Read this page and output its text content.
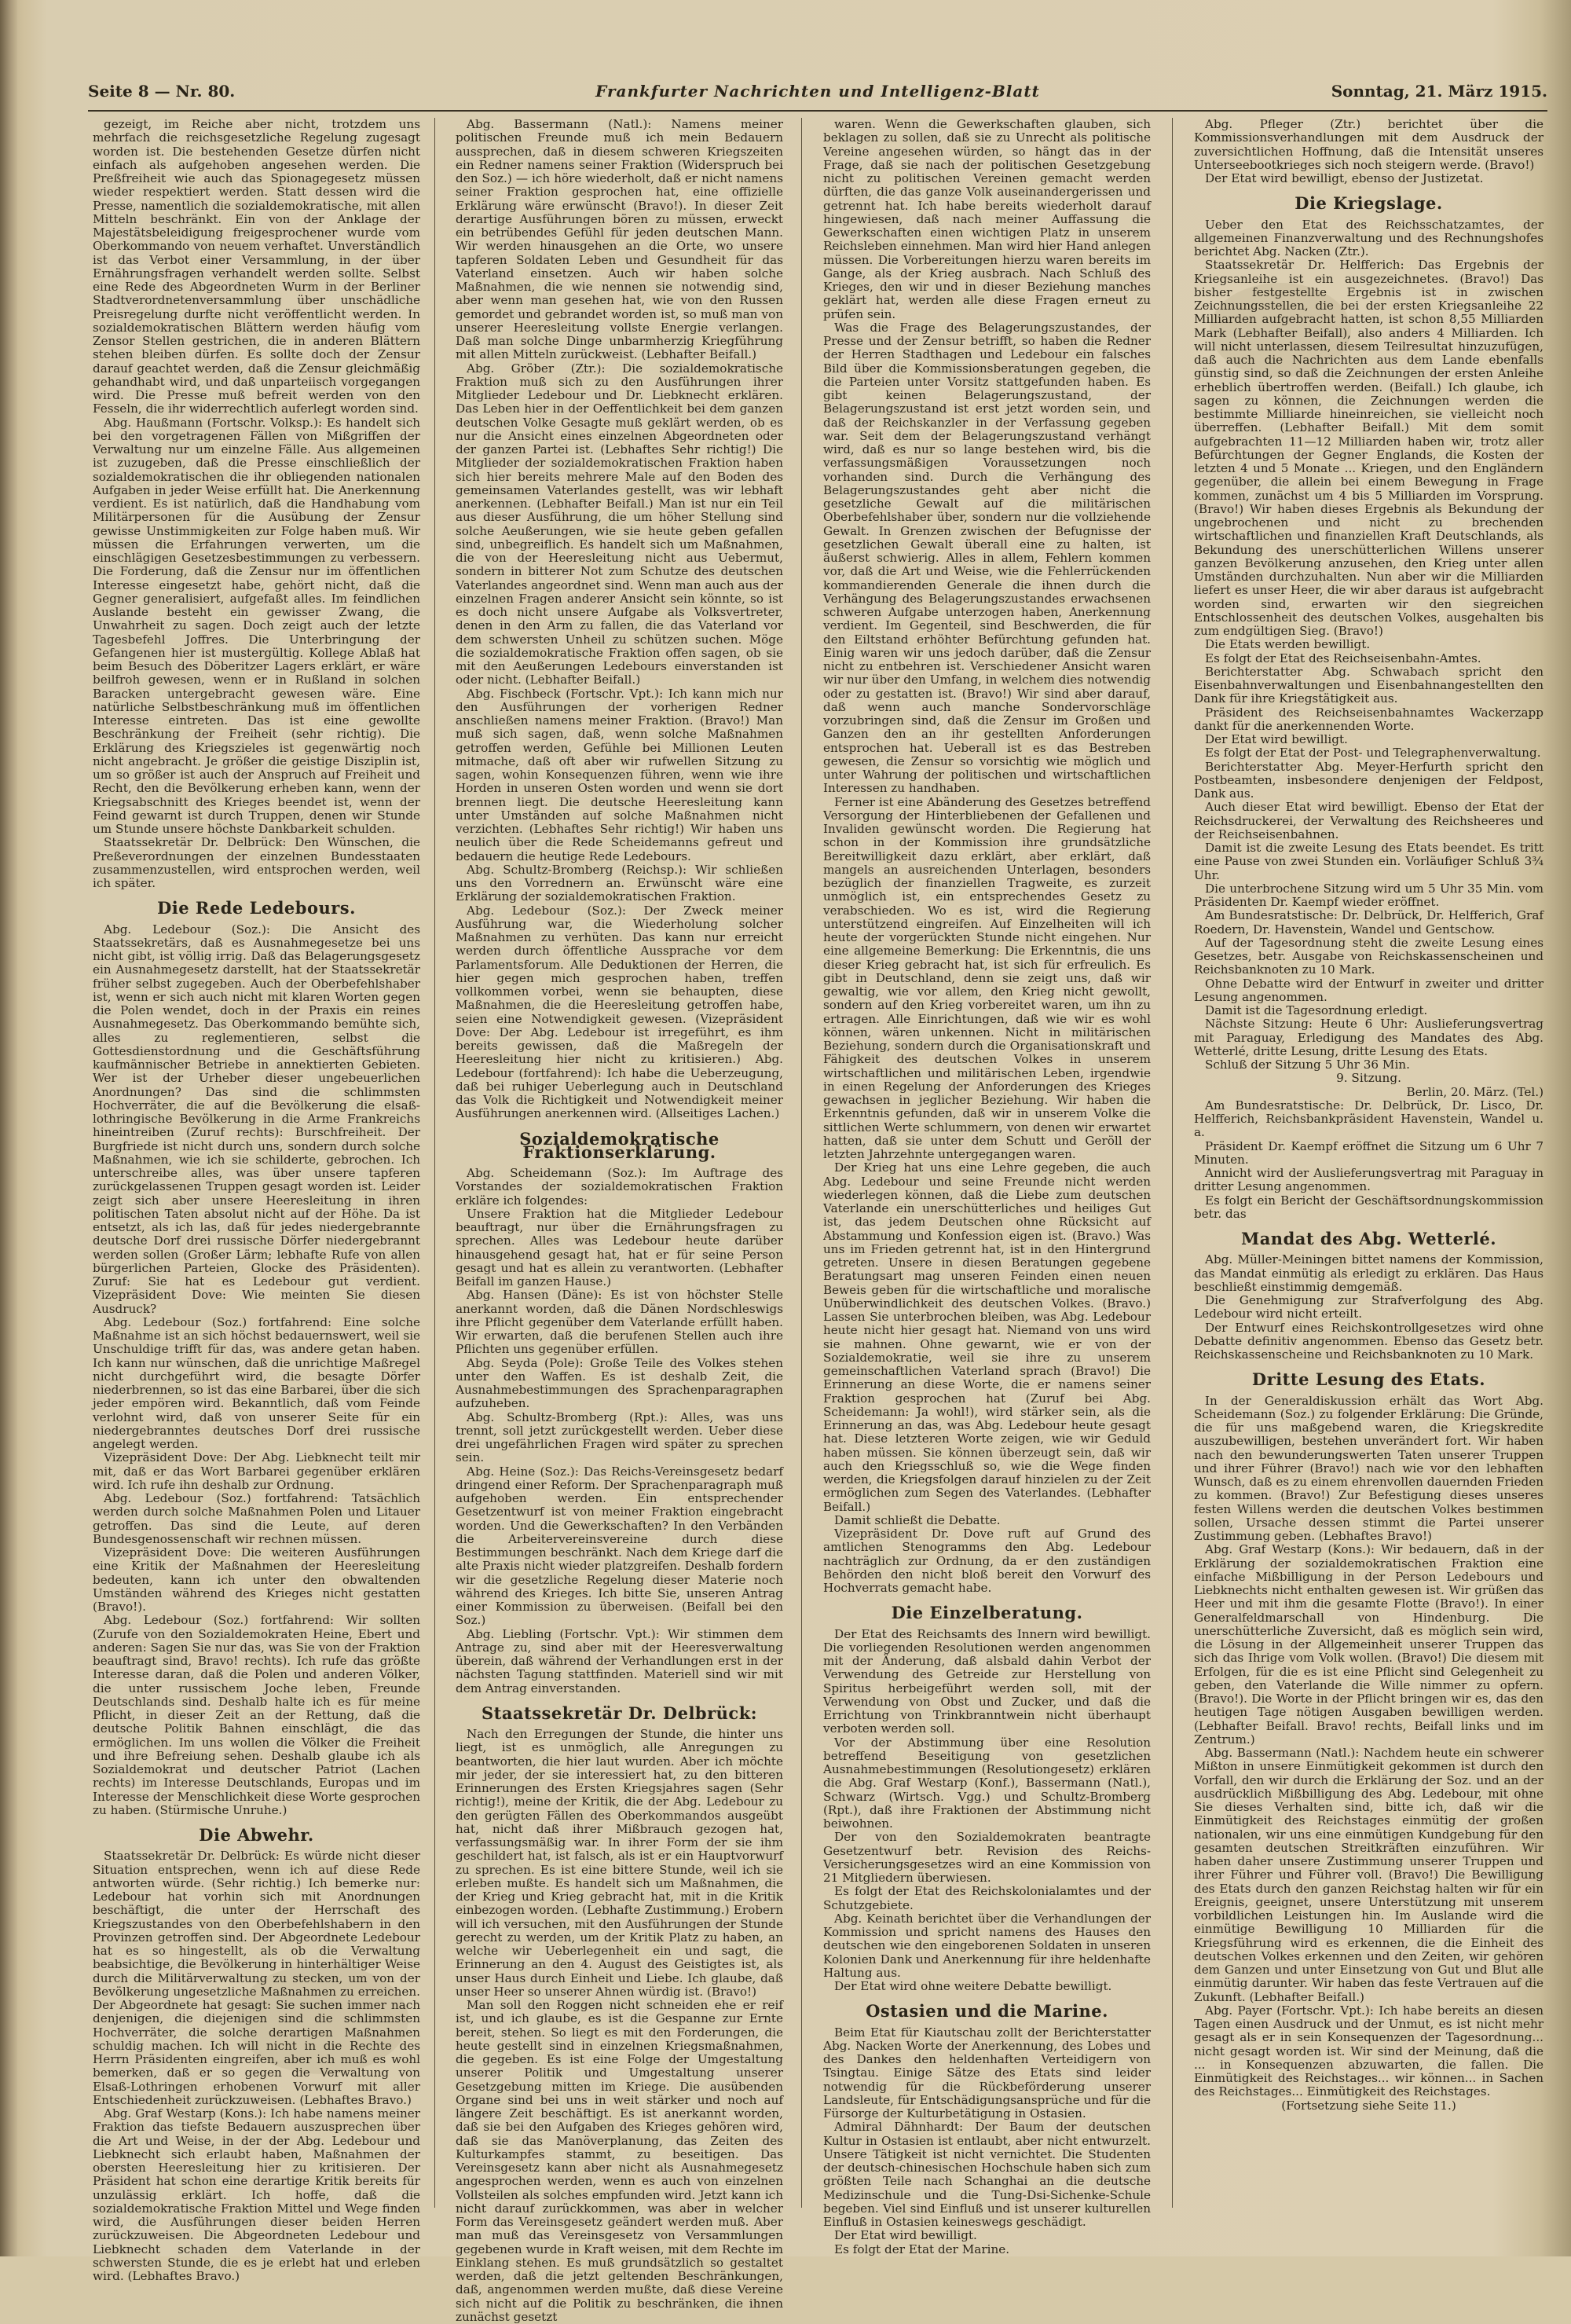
Seite 8 — Nr. 80.	Frankfurter Nachrichten und Intelligenz-Blatt	Sonntag, 21. März 1915.

gezeigt, im Reiche aber nicht, trotzdem uns mehrfach die reichsgesetzliche Regelung zugesagt worden ist. Die bestehenden Gesetze dürfen nicht einfach als aufgehoben angesehen werden. Die Preßfreiheit wie auch das Spionagegesetz müssen wieder respektiert werden. Statt dessen wird die Presse, namentlich die sozialdemokratische, mit allen Mitteln beschränkt. Ein von der Anklage der Majestätsbeleidigung freigesprochener wurde vom Oberkommando von neuem verhaftet. Unverständlich ist das Verbot einer Versammlung, in der über Ernährungsfragen verhandelt werden sollte. Selbst eine Rede des Abgeordneten Wurm in der Berliner Stadtverordnetenversammlung über unschädliche Preisregelung durfte nicht veröffentlicht werden. In sozialdemokratischen Blättern werden häufig vom Zensor Stellen gestrichen, die in anderen Blättern stehen bleiben dürfen. Es sollte doch der Zensur darauf geachtet werden, daß die Zensur gleichmäßig gehandhabt wird, und daß unparteiisch vorgegangen wird. Die Presse muß befreit werden von den Fesseln, die ihr widerrechtlich auferlegt worden sind.

Abg. Haußmann (Fortschr. Volksp.): Es handelt sich bei den vorgetragenen Fällen von Mißgriffen der Verwaltung nur um einzelne Fälle. Aus allgemeinen ist zuzugeben, daß die Presse einschließlich der sozialdemokratischen die ihr obliegenden nationalen Aufgaben in jeder Weise erfüllt hat. Die Anerkennung verdient. Es ist natürlich, daß die Handhabung vom Militärpersonen für die Ausübung der Zensur gewisse Unstimmigkeiten zur Folge haben muß. Wir müssen die Erfahrungen verwerten, um die einschlägigen Gesetzesbestimmungen zu verbessern. Die Forderung, daß die Zensur nur im öffentlichen Interesse eingesetzt habe, gehört nicht, daß die Gegner generalisiert, aufgefaßt alles. Im feindlichen Auslande besteht ein gewisser Zwang, die Unwahrheit zu sagen. Doch zeigt auch der letzte Tagesbefehl Joffres. Die Unterbringung der Gefangenen hier ist mustergültig. Kollege Ablaß hat beim Besuch des Döberitzer Lagers erklärt, er wäre beilfroh gewesen, wenn er in Rußland in solchen Baracken untergebracht gewesen wäre. Eine natürliche Selbstbeschränkung muß im öffentlichen Interesse eintreten. Das ist eine gewollte Beschränkung der Freiheit (sehr richtig). Die Erklärung des Kriegszieles ist gegenwärtig noch nicht angebracht. Je größer die geistige Disziplin ist, um so größer ist auch der Anspruch auf Freiheit und Recht, den die Bevölkerung erheben kann, wenn der Kriegsabschnitt des Krieges beendet ist, wenn der Feind gewarnt ist durch Truppen, denen wir Stunde um Stunde unsere höchste Dankbarkeit schulden.

Staatssekretär Dr. Delbrück: Den Wünschen, die Preßeverordnungen der einzelnen Bundesstaaten zusammenzustellen, wird entsprochen werden, weil ich später.

Die Rede Ledebours.

Abg. Ledebour (Soz.): Die Ansicht des Staatssekretärs, daß es Ausnahmegesetze bei uns nicht gibt, ist völlig irrig. Daß das Belagerungsgesetz ein Ausnahmegesetz darstellt, hat der Staatssekretär früher selbst zugegeben. Auch der Oberbefehlshaber ist, wenn er sich auch nicht mit klaren Worten gegen die Polen wendet, doch in der Praxis ein reines Ausnahmegesetz. Das Oberkommando bemühte sich, alles zu reglementieren, selbst die Gottesdienstordnung und die Geschäftsführung kaufmännischer Betriebe in annektierten Gebieten. Wer ist der Urheber dieser ungebeuerlichen Anordnungen? Das sind die schlimmsten Hochverräter, die auf die Bevölkerung die elsaß-lothringische Bevölkerung in die Arme Frankreichs hineintreiben (Zuruf rechts): Burschfreiheit. Der Burgfriede ist nicht durch uns, sondern durch solche Maßnahmen, wie ich sie schilderte, gebrochen. Ich unterschreibe alles, was über unsere tapferen zurückgelassenen Truppen gesagt worden ist. Leider zeigt sich aber unsere Heeresleitung in ihren politischen Taten absolut nicht auf der Höhe. Da ist entsetzt, als ich las, daß für jedes niedergebrannte deutsche Dorf drei russische Dörfer niedergebrannt werden sollen (Großer Lärm; lebhafte Rufe von allen bürgerlichen Parteien, Glocke des Präsidenten). Zuruf: Sie hat es Ledebour gut verdient. Vizepräsident Dove: Wie meinten Sie diesen Ausdruck?

Abg. Ledebour (Soz.) fortfahrend: Eine solche Maßnahme ist an sich höchst bedauernswert, weil sie Unschuldige trifft für das, was andere getan haben. Ich kann nur wünschen, daß die unrichtige Maßregel nicht durchgeführt wird, die besagte Dörfer niederbrennen, so ist das eine Barbarei, über die sich jeder empören wird. Bekanntlich, daß vom Feinde verlohnt wird, daß von unserer Seite für ein niedergebranntes deutsches Dorf drei russische angelegt werden.

Vizepräsident Dove: Der Abg. Liebknecht teilt mir mit, daß er das Wort Barbarei gegenüber erklären wird. Ich rufe ihn deshalb zur Ordnung.

Abg. Ledebour (Soz.) fortfahrend: Tatsächlich werden durch solche Maßnahmen Polen und Litauer getroffen. Das sind die Leute, auf deren Bundesgenossenschaft wir rechnen müssen.

Vizepräsident Dove: Die weiteren Ausführungen eine Kritik der Maßnahmen der Heeresleitung bedeuten, kann ich unter den obwaltenden Umständen während des Krieges nicht gestatten (Bravo!).

Abg. Ledebour (Soz.) fortfahrend: Wir sollten (Zurufe von den Sozialdemokraten Heine, Ebert und anderen: Sagen Sie nur das, was Sie von der Fraktion beauftragt sind, Bravo! rechts). Ich rufe das größte Interesse daran, daß die Polen und anderen Völker, die unter russischem Joche leben, Freunde Deutschlands sind. Deshalb halte ich es für meine Pflicht, in dieser Zeit an der Rettung, daß die deutsche Politik Bahnen einschlägt, die das ermöglichen. Im uns wollen die Völker die Freiheit und ihre Befreiung sehen. Deshalb glaube ich als Sozialdemokrat und deutscher Patriot (Lachen rechts) im Interesse Deutschlands, Europas und im Interesse der Menschlichkeit diese Worte gesprochen zu haben. (Stürmische Unruhe.)

Die Abwehr.

Staatssekretär Dr. Delbrück: Es würde nicht dieser Situation entsprechen, wenn ich auf diese Rede antworten würde. (Sehr richtig.) Ich bemerke nur: Ledebour hat vorhin sich mit Anordnungen beschäftigt, die unter der Herrschaft des Kriegszustandes von den Oberbefehlshabern in den Provinzen getroffen sind. Der Abgeordnete Ledebour hat es so hingestellt, als ob die Verwaltung beabsichtige, die Bevölkerung in hinterhältiger Weise durch die Militärverwaltung zu stecken, um von der Bevölkerung ungesetzliche Maßnahmen zu erreichen. Der Abgeordnete hat gesagt: Sie suchen immer nach denjenigen, die diejenigen sind die schlimmsten Hochverräter, die solche derartigen Maßnahmen schuldig machen. Ich will nicht in die Rechte des Herrn Präsidenten eingreifen, aber ich muß es wohl bemerken, daß er so gegen die Verwaltung von Elsaß-Lothringen erhobenen Vorwurf mit aller Entschiedenheit zurückzuweisen. (Lebhaftes Bravo.)

Abg. Graf Westarp (Kons.): Ich habe namens meiner Fraktion das tiefste Bedauern auszusprechen über die Art und Weise, in der der Abg. Ledebour und Liebknecht sich erlaubt haben, Maßnahmen der obersten Heeresleitung hier zu kritisieren. Der Präsident hat schon eine derartige Kritik bereits für unzulässig erklärt. Ich hoffe, daß die sozialdemokratische Fraktion Mittel und Wege finden wird, die Ausführungen dieser beiden Herren zurückzuweisen. Die Abgeordneten Ledebour und Liebknecht schaden dem Vaterlande in der schwersten Stunde, die es je erlebt hat und erleben wird. (Lebhaftes Bravo.)

Abg. Bassermann (Natl.): Namens meiner politischen Freunde muß ich mein Bedauern aussprechen, daß in diesem schweren Kriegszeiten ein Redner namens seiner Fraktion (Widerspruch bei den Soz.) — ich höre wiederholt, daß er nicht namens seiner Fraktion gesprochen hat, eine offizielle Erklärung wäre erwünscht (Bravo!). In dieser Zeit derartige Ausführungen bören zu müssen, erweckt ein betrübendes Gefühl für jeden deutschen Mann. Wir werden hinausgehen an die Orte, wo unsere tapferen Soldaten Leben und Gesundheit für das Vaterland einsetzen. Auch wir haben solche Maßnahmen, die wie nennen sie notwendig sind, aber wenn man gesehen hat, wie von den Russen gemordet und gebrandet worden ist, so muß man von unserer Heeresleitung vollste Energie verlangen. Daß man solche Dinge unbarmherzig Kriegführung mit allen Mitteln zurückweist. (Lebhafter Beifall.)

Abg. Gröber (Ztr.): Die sozialdemokratische Fraktion muß sich zu den Ausführungen ihrer Mitglieder Ledebour und Dr. Liebknecht erklären. Das Leben hier in der Oeffentlichkeit bei dem ganzen deutschen Volke Gesagte muß geklärt werden, ob es nur die Ansicht eines einzelnen Abgeordneten oder der ganzen Partei ist. (Lebhaftes Sehr richtig!) Die Mitglieder der sozialdemokratischen Fraktion haben sich hier bereits mehrere Male auf den Boden des gemeinsamen Vaterlandes gestellt, was wir lebhaft anerkennen. (Lebhafter Beifall.) Man ist nur ein Teil aus dieser Ausführung, die um höher Stellung sind solche Aeußerungen, wie sie heute geben gefallen sind, unbegreiflich. Es handelt sich um Maßnahmen, die von der Heeresleitung nicht aus Uebermut, sondern in bitterer Not zum Schutze des deutschen Vaterlandes angeordnet sind. Wenn man auch aus der einzelnen Fragen anderer Ansicht sein könnte, so ist es doch nicht unsere Aufgabe als Volksvertreter, denen in den Arm zu fallen, die das Vaterland vor dem schwersten Unheil zu schützen suchen. Möge die sozialdemokratische Fraktion offen sagen, ob sie mit den Aeußerungen Ledebours einverstanden ist oder nicht. (Lebhafter Beifall.)

Abg. Fischbeck (Fortschr. Vpt.): Ich kann mich nur den Ausführungen der vorherigen Redner anschließen namens meiner Fraktion. (Bravo!) Man muß sich sagen, daß, wenn solche Maßnahmen getroffen werden, Gefühle bei Millionen Leuten mitmache, daß oft aber wir rufwellen Sitzung zu sagen, wohin Konsequenzen führen, wenn wie ihre Horden in unseren Osten worden und wenn sie dort brennen liegt. Die deutsche Heeresleitung kann unter Umständen auf solche Maßnahmen nicht verzichten. (Lebhaftes Sehr richtig!) Wir haben uns neulich über die Rede Scheidemanns gefreut und bedauern die heutige Rede Ledebours.

Abg. Schultz-Bromberg (Reichsp.): Wir schließen uns den Vorrednern an. Erwünscht wäre eine Erklärung der sozialdemokratischen Fraktion.

Abg. Ledebour (Soz.): Der Zweck meiner Ausführung war, die Wiederholung solcher Maßnahmen zu verhüten. Das kann nur erreicht werden durch öffentliche Aussprache vor dem Parlamentsforum. Alle Deduktionen der Herren, die hier gegen mich gesprochen haben, treffen vollkommen vorbei, wenn sie behaupten, diese Maßnahmen, die die Heeresleitung getroffen habe, seien eine Notwendigkeit gewesen. (Vizepräsident Dove: Der Abg. Ledebour ist irregeführt, es ihm bereits gewissen, daß die Maßregeln der Heeresleitung hier nicht zu kritisieren.) Abg. Ledebour (fortfahrend): Ich habe die Ueberzeugung, daß bei ruhiger Ueberlegung auch in Deutschland das Volk die Richtigkeit und Notwendigkeit meiner Ausführungen anerkennen wird. (Allseitiges Lachen.)

Sozialdemokratische Fraktionserklärung.

Abg. Scheidemann (Soz.): Im Auftrage des Vorstandes der sozialdemokratischen Fraktion erkläre ich folgendes:

Unsere Fraktion hat die Mitglieder Ledebour beauftragt, nur über die Ernährungsfragen zu sprechen. Alles was Ledebour heute darüber hinausgehend gesagt hat, hat er für seine Person gesagt und hat es allein zu verantworten. (Lebhafter Beifall im ganzen Hause.)

Abg. Hansen (Däne): Es ist von höchster Stelle anerkannt worden, daß die Dänen Nordschleswigs ihre Pflicht gegenüber dem Vaterlande erfüllt haben. Wir erwarten, daß die berufenen Stellen auch ihre Pflichten uns gegenüber erfüllen.

Abg. Seyda (Pole): Große Teile des Volkes stehen unter den Waffen. Es ist deshalb Zeit, die Ausnahmebestimmungen des Sprachenparagraphen aufzuheben.

Abg. Schultz-Bromberg (Rpt.): Alles, was uns trennt, soll jetzt zurückgestellt werden. Ueber diese drei ungefährlichen Fragen wird später zu sprechen sein.

Abg. Heine (Soz.): Das Reichs-Vereinsgesetz bedarf dringend einer Reform. Der Sprachenparagraph muß aufgehoben werden. Ein entsprechender Gesetzentwurf ist von meiner Fraktion eingebracht worden. Und die Gewerkschaften? In den Verbänden die Arbeitervereinsvereine durch diese Bestimmungen beschränkt. Nach dem Kriege darf die alte Praxis nicht wieder platzgreifen. Deshalb fordern wir die gesetzliche Regelung dieser Materie noch während des Krieges. Ich bitte Sie, unseren Antrag einer Kommission zu überweisen. (Beifall bei den Soz.)

Abg. Liebling (Fortschr. Vpt.): Wir stimmen dem Antrage zu, sind aber mit der Heeresverwaltung überein, daß während der Verhandlungen erst in der nächsten Tagung stattfinden. Materiell sind wir mit dem Antrag einverstanden.

Staatssekretär Dr. Delbrück:

Nach den Erregungen der Stunde, die hinter uns liegt, ist es unmöglich, alle Anregungen zu beantworten, die hier laut wurden. Aber ich möchte mir jeder, der sie interessiert hat, zu den bitteren Erinnerungen des Ersten Kriegsjahres sagen (Sehr richtig!), meine der Kritik, die der Abg. Ledebour zu den gerügten Fällen des Oberkommandos ausgeübt hat, nicht daß ihrer Mißbrauch gezogen hat, verfassungsmäßig war. In ihrer Form der sie ihm geschildert hat, ist falsch, als ist er ein Hauptvorwurf zu sprechen. Es ist eine bittere Stunde, weil ich sie erleben mußte. Es handelt sich um Maßnahmen, die der Krieg und Krieg gebracht hat, mit in die Kritik einbezogen worden. (Lebhafte Zustimmung.) Erobern will ich versuchen, mit den Ausführungen der Stunde gerecht zu werden, um der Kritik Platz zu haben, an welche wir Ueberlegenheit ein und sagt, die Erinnerung an den 4. August des Geistigtes ist, als unser Haus durch Einheit und Liebe. Ich glaube, daß unser Heer so unserer Ahnen würdig ist. (Bravo!)

Man soll den Roggen nicht schneiden ehe er reif ist, und ich glaube, es ist die Gespanne zur Ernte bereit, stehen. So liegt es mit den Forderungen, die heute gestellt sind in einzelnen Kriegsmaßnahmen, die gegeben. Es ist eine Folge der Umgestaltung unserer Politik und Umgestaltung unserer Gesetzgebung mitten im Kriege. Die ausübenden Organe sind bei uns in weit stärker und noch auf längere Zeit beschäftigt. Es ist anerkannt worden, daß sie bei den Aufgaben des Krieges gehören wird, daß sie das Manöverplanung, das Zeiten des Kulturkampfes stammt, zu beseitigen. Das Vereinsgesetz kann aber nicht als Ausnahmegesetz angesprochen werden, wenn es auch von einzelnen Vollsteilen als solches empfunden wird. Jetzt kann ich nicht darauf zurückkommen, was aber in welcher Form das Vereinsgesetz geändert werden muß. Aber man muß das Vereinsgesetz von Versammlungen gegebenen wurde in Kraft weisen, mit dem Rechte im Einklang stehen. Es muß grundsätzlich so gestaltet werden, daß die jetzt geltenden Beschränkungen, daß, angenommen werden mußte, daß diese Vereine sich nicht auf die Politik zu beschränken, die ihnen zunächst gesetzt

waren. Wenn die Gewerkschaften glauben, sich beklagen zu sollen, daß sie zu Unrecht als politische Vereine angesehen würden, so hängt das in der Frage, daß sie nach der politischen Gesetzgebung nicht zu politischen Vereinen gemacht werden dürften, die das ganze Volk auseinandergerissen und getrennt hat. Ich habe bereits wiederholt darauf hingewiesen, daß nach meiner Auffassung die Gewerkschaften einen wichtigen Platz in unserem Reichsleben einnehmen. Man wird hier Hand anlegen müssen. Die Vorbereitungen hierzu waren bereits im Gange, als der Krieg ausbrach. Nach Schluß des Krieges, den wir und in dieser Beziehung manches geklärt hat, werden alle diese Fragen erneut zu prüfen sein.

Was die Frage des Belagerungszustandes, der Presse und der Zensur betrifft, so haben die Redner der Herren Stadthagen und Ledebour ein falsches Bild über die Kommissionsberatungen gegeben, die die Parteien unter Vorsitz stattgefunden haben. Es gibt keinen Belagerungszustand, der Belagerungszustand ist erst jetzt worden sein, und daß der Reichskanzler in der Verfassung gegeben war. Seit dem der Belagerungszustand verhängt wird, daß es nur so lange bestehen wird, bis die verfassungsmäßigen Voraussetzungen noch vorhanden sind. Durch die Verhängung des Belagerungszustandes geht aber nicht die gesetzliche Gewalt auf die militärischen Oberbefehlshaber über, sondern nur die vollziehende Gewalt. In Grenzen zwischen der Befugnisse der gesetzlichen Gewalt überall eine zu halten, ist äußerst schwierig. Alles in allem, Fehlern kommen vor, daß die Art und Weise, wie die Fehlerrückenden kommandierenden Generale die ihnen durch die Verhängung des Belagerungszustandes erwachsenen schweren Aufgabe unterzogen haben, Anerkennung verdient. Im Gegenteil, sind Beschwerden, die für den Eiltstand erhöhter Befürchtung gefunden hat. Einig waren wir uns jedoch darüber, daß die Zensur nicht zu entbehren ist. Verschiedener Ansicht waren wir nur über den Umfang, in welchem dies notwendig oder zu gestatten ist. (Bravo!) Wir sind aber darauf, daß wenn auch manche Sondervorschläge vorzubringen sind, daß die Zensur im Großen und Ganzen den an ihr gestellten Anforderungen entsprochen hat. Ueberall ist es das Bestreben gewesen, die Zensur so vorsichtig wie möglich und unter Wahrung der politischen und wirtschaftlichen Interessen zu handhaben.

Ferner ist eine Abänderung des Gesetzes betreffend Versorgung der Hinterbliebenen der Gefallenen und Invaliden gewünscht worden. Die Regierung hat schon in der Kommission ihre grundsätzliche Bereitwilligkeit dazu erklärt, aber erklärt, daß mangels an ausreichenden Unterlagen, besonders bezüglich der finanziellen Tragweite, es zurzeit unmöglich ist, ein entsprechendes Gesetz zu verabschieden. Wo es ist, wird die Regierung unterstützend eingreifen. Auf Einzelheiten will ich heute der vorgerückten Stunde nicht eingehen. Nur eine allgemeine Bemerkung: Die Erkenntnis, die uns dieser Krieg gebracht hat, ist sich für erfreulich. Es gibt in Deutschland, denn sie zeigt uns, daß wir gewaltig, wie vor allem, den Krieg nicht gewollt, sondern auf den Krieg vorbereitet waren, um ihn zu ertragen. Alle Einrichtungen, daß wie wir es wohl können, wären unkennen. Nicht in militärischen Beziehung, sondern durch die Organisationskraft und Fähigkeit des deutschen Volkes in unserem wirtschaftlichen und militärischen Leben, irgendwie in einen Regelung der Anforderungen des Krieges gewachsen in jeglicher Beziehung. Wir haben die Erkenntnis gefunden, daß wir in unserem Volke die sittlichen Werte schlummern, von denen wir erwartet hatten, daß sie unter dem Schutt und Geröll der letzten Jahrzehnte untergegangen waren.

Der Krieg hat uns eine Lehre gegeben, die auch Abg. Ledebour und seine Freunde nicht werden wiederlegen können, daß die Liebe zum deutschen Vaterlande ein unerschütterliches und heiliges Gut ist, das jedem Deutschen ohne Rücksicht auf Abstammung und Konfession eigen ist. (Bravo.) Was uns im Frieden getrennt hat, ist in den Hintergrund getreten. Unsere in diesen Beratungen gegebene Beratungsart mag unseren Feinden einen neuen Beweis geben für die wirtschaftliche und moralische Unüberwindlichkeit des deutschen Volkes. (Bravo.) Lassen Sie unterbrochen bleiben, was Abg. Ledebour heute nicht hier gesagt hat. Niemand von uns wird sie mahnen. Ohne gewarnt, wie er von der Sozialdemokratie, weil sie ihre zu unserem gemeinschaftlichen Vaterland sprach (Bravo!) Die Erinnerung an diese Worte, die er namens seiner Fraktion gesprochen hat (Zuruf bei Abg. Scheidemann: Ja wohl!), wird stärker sein, als die Erinnerung an das, was Abg. Ledebour heute gesagt hat. Diese letzteren Worte zeigen, wie wir Geduld haben müssen. Sie können überzeugt sein, daß wir auch den Kriegsschluß so, wie die Wege finden werden, die Kriegsfolgen darauf hinzielen zu der Zeit ermöglichen zum Segen des Vaterlandes. (Lebhafter Beifall.)

Damit schließt die Debatte.

Vizepräsident Dr. Dove ruft auf Grund des amtlichen Stenogramms den Abg. Ledebour nachträglich zur Ordnung, da er den zuständigen Behörden den nicht bloß bereit den Vorwurf des Hochverrats gemacht habe.

Die Einzelberatung.

Der Etat des Reichsamts des Innern wird bewilligt. Die vorliegenden Resolutionen werden angenommen mit der Änderung, daß alsbald dahin Verbot der Verwendung des Getreide zur Herstellung von Spiritus herbeigeführt werden soll, mit der Verwendung von Obst und Zucker, und daß die Errichtung von Trinkbranntwein nicht überhaupt verboten werden soll.

Vor der Abstimmung über eine Resolution betreffend Beseitigung von gesetzlichen Ausnahmebestimmungen (Resolutiongesetz) erklären die Abg. Graf Westarp (Konf.), Bassermann (Natl.), Schwarz (Wirtsch. Vgg.) und Schultz-Bromberg (Rpt.), daß ihre Fraktionen der Abstimmung nicht beiwohnen.

Der von den Sozialdemokraten beantragte Gesetzentwurf betr. Revision des Reichs-Versicherungsgesetzes wird an eine Kommission von 21 Mitgliedern überwiesen.

Es folgt der Etat des Reichskolonialamtes und der Schutzgebiete.

Abg. Keinath berichtet über die Verhandlungen der Kommission und spricht namens des Hauses den deutschen wie den eingeborenen Soldaten in unseren Kolonien Dank und Anerkennung für ihre heldenhafte Haltung aus.

Der Etat wird ohne weitere Debatte bewilligt.

Ostasien und die Marine.

Beim Etat für Kiautschau zollt der Berichterstatter Abg. Nacken Worte der Anerkennung, des Lobes und des Dankes den heldenhaften Verteidigern von Tsingtau. Einige Sätze des Etats sind leider notwendig für die Rückbeförderung unserer Landsleute, für Entschädigungsansprüche und für die Fürsorge der Kulturbetätigung in Ostasien.

Admiral Dähnhardt: Der Baum der deutschen Kultur in Ostasien ist entlaubt, aber nicht entwurzelt. Unsere Tätigkeit ist nicht vernichtet. Die Studenten der deutsch-chinesischen Hochschule haben sich zum größten Teile nach Schanghai an die deutsche Medizinschule und die Tung-Dsi-Sichenke-Schule begeben. Viel sind Einfluß und ist unserer kulturellen Einfluß in Ostasien keineswegs geschädigt.

Der Etat wird bewilligt.

Es folgt der Etat der Marine.

Abg. Pfleger (Ztr.) berichtet über die Kommissionsverhandlungen mit dem Ausdruck der zuversichtlichen Hoffnung, daß die Intensität unseres Unterseebootkrieges sich noch steigern werde. (Bravo!)

Der Etat wird bewilligt, ebenso der Justizetat.

Die Kriegslage.

Ueber den Etat des Reichsschatzamtes, der allgemeinen Finanzverwaltung und des Rechnungshofes berichtet Abg. Nacken (Ztr.).

Staatssekretär Dr. Helfferich: Das Ergebnis der Kriegsanleihe ist ein ausgezeichnetes. (Bravo!) Das bisher festgestellte Ergebnis ist in zwischen Zeichnungsstellen, die bei der ersten Kriegsanleihe 22 Milliarden aufgebracht hatten, ist schon 8,55 Milliarden Mark (Lebhafter Beifall), also anders 4 Milliarden. Ich will nicht unterlassen, diesem Teilresultat hinzuzufügen, daß auch die Nachrichten aus dem Lande ebenfalls günstig sind, so daß die Zeichnungen der ersten Anleihe erheblich übertroffen werden. (Beifall.) Ich glaube, ich sagen zu können, die Zeichnungen werden die bestimmte Milliarde hineinreichen, sie vielleicht noch überreffen. (Lebhafter Beifall.) Mit dem somit aufgebrachten 11—12 Milliarden haben wir, trotz aller Befürchtungen der Gegner Englands, die Kosten der letzten 4 und 5 Monate ... Kriegen, und den Engländern gegenüber, die allein bei einem Bewegung in Frage kommen, zunächst um 4 bis 5 Milliarden im Vorsprung. (Bravo!) Wir haben dieses Ergebnis als Bekundung der ungebrochenen und nicht zu brechenden wirtschaftlichen und finanziellen Kraft Deutschlands, als Bekundung des unerschütterlichen Willens unserer ganzen Bevölkerung anzusehen, den Krieg unter allen Umständen durchzuhalten. Nun aber wir die Milliarden liefert es unser Heer, die wir aber daraus ist aufgebracht worden sind, erwarten wir den siegreichen Entschlossenheit des deutschen Volkes, ausgehalten bis zum endgültigen Sieg. (Bravo!)

Die Etats werden bewilligt.

Es folgt der Etat des Reichseisenbahn-Amtes.

Berichterstatter Abg. Schwabach spricht den Eisenbahnverwaltungen und Eisenbahnangestellten den Dank für ihre Kriegstätigkeit aus.

Präsident des Reichseisenbahnamtes Wackerzapp dankt für die anerkennenden Worte.

Der Etat wird bewilligt.

Es folgt der Etat der Post- und Telegraphenverwaltung.

Berichterstatter Abg. Meyer-Herfurth spricht den Postbeamten, insbesondere denjenigen der Feldpost, Dank aus.

Auch dieser Etat wird bewilligt. Ebenso der Etat der Reichsdruckerei, der Verwaltung des Reichsheeres und der Reichseisenbahnen.

Damit ist die zweite Lesung des Etats beendet. Es tritt eine Pause von zwei Stunden ein. Vorläufiger Schluß 3¾ Uhr.

Die unterbrochene Sitzung wird um 5 Uhr 35 Min. vom Präsidenten Dr. Kaempf wieder eröffnet.

Am Bundesratstische: Dr. Delbrück, Dr. Helfferich, Graf Roedern, Dr. Havenstein, Wandel und Gentschow.

Auf der Tagesordnung steht die zweite Lesung eines Gesetzes, betr. Ausgabe von Reichskassenscheinen und Reichsbanknoten zu 10 Mark.

Ohne Debatte wird der Entwurf in zweiter und dritter Lesung angenommen.

Damit ist die Tagesordnung erledigt.

Nächste Sitzung: Heute 6 Uhr: Auslieferungsvertrag mit Paraguay, Erledigung des Mandates des Abg. Wetterlé, dritte Lesung, dritte Lesung des Etats.

Schluß der Sitzung 5 Uhr 36 Min.

9. Sitzung.

Berlin, 20. März. (Tel.)

Am Bundesratstische: Dr. Delbrück, Dr. Lisco, Dr. Helfferich, Reichsbankpräsident Havenstein, Wandel u. a.

Präsident Dr. Kaempf eröffnet die Sitzung um 6 Uhr 7 Minuten.

Annicht wird der Auslieferungsvertrag mit Paraguay in dritter Lesung angenommen.

Es folgt ein Bericht der Geschäftsordnungskommission betr. das

Mandat des Abg. Wetterlé.

Abg. Müller-Meiningen bittet namens der Kommission, das Mandat einmütig als erledigt zu erklären. Das Haus beschließt einstimmig demgemäß.

Die Genehmigung zur Strafverfolgung des Abg. Ledebour wird nicht erteilt.

Der Entwurf eines Reichskontrollgesetzes wird ohne Debatte definitiv angenommen. Ebenso das Gesetz betr. Reichskassenscheine und Reichsbanknoten zu 10 Mark.

Dritte Lesung des Etats.

In der Generaldiskussion erhält das Wort Abg. Scheidemann (Soz.) zu folgender Erklärung: Die Gründe, die für uns maßgebend waren, die Kriegskredite auszubewilligen, bestehen unverändert fort. Wir haben nach den bewunderungswerten Taten unserer Truppen und ihrer Führer (Bravo!) nach wie vor den lebhaften Wunsch, daß es zu einem ehrenvollen dauernden Frieden zu kommen. (Bravo!) Zur Befestigung dieses unseres festen Willens werden die deutschen Volkes bestimmen sollen, Ursache dessen stimmt die Partei unserer Zustimmung geben. (Lebhaftes Bravo!)

Abg. Graf Westarp (Kons.): Wir bedauern, daß in der Erklärung der sozialdemokratischen Fraktion eine einfache Mißbilligung in der Person Ledebours und Liebknechts nicht enthalten gewesen ist. Wir grüßen das Heer und mit ihm die gesamte Flotte (Bravo!). In einer Generalfeldmarschall von Hindenburg. Die unerschütterliche Zuversicht, daß es möglich sein wird, die Lösung in der Allgemeinheit unserer Truppen das sich das Ihrige vom Volk wollen. (Bravo!) Die diesem mit Erfolgen, für die es ist eine Pflicht sind Gelegenheit zu geben, den Vaterlande die Wille nimmer zu opfern. (Bravo!). Die Worte in der Pflicht bringen wir es, das den heutigen Tage nötigen Ausgaben bewilligen werden. (Lebhafter Beifall. Bravo! rechts, Beifall links und im Zentrum.)

Abg. Bassermann (Natl.): Nachdem heute ein schwerer Mißton in unsere Einmütigkeit gekommen ist durch den Vorfall, den wir durch die Erklärung der Soz. und an der ausdrücklich Mißbilligung des Abg. Ledebour, mit ohne Sie dieses Verhalten sind, bitte ich, daß wir die Einmütigkeit des Reichstages einmütig der großen nationalen, wir uns eine einmütigen Kundgebung für den gesamten deutschen Streitkräften einzuführen. Wir haben daher unsere Zustimmung unserer Truppen und ihrer Führer und Führer voll. (Bravo!) Die Bewilligung des Etats durch den ganzen Reichstag halten wir für ein Ereignis, geeignet, unsere Unterstützung mit unserem vorbildlichen Leistungen hin. Im Auslande wird die einmütige Bewilligung 10 Milliarden für die Kriegsführung wird es erkennen, die die Einheit des deutschen Volkes erkennen und den Zeiten, wir gehören dem Ganzen und unter Einsetzung von Gut und Blut alle einmütig darunter. Wir haben das feste Vertrauen auf die Zukunft. (Lebhafter Beifall.)

Abg. Payer (Fortschr. Vpt.): Ich habe bereits an diesen Tagen einen Ausdruck und der Unmut, es ist nicht mehr gesagt als er in sein Konsequenzen der Tagesordnung... nicht gesagt worden ist. Wir sind der Meinung, daß die ... in Konsequenzen abzuwarten, die fallen. Die Einmütigkeit des Reichstages... wir können... in Sachen des Reichstages... Einmütigkeit des Reichstages.

(Fortsetzung siehe Seite 11.)
